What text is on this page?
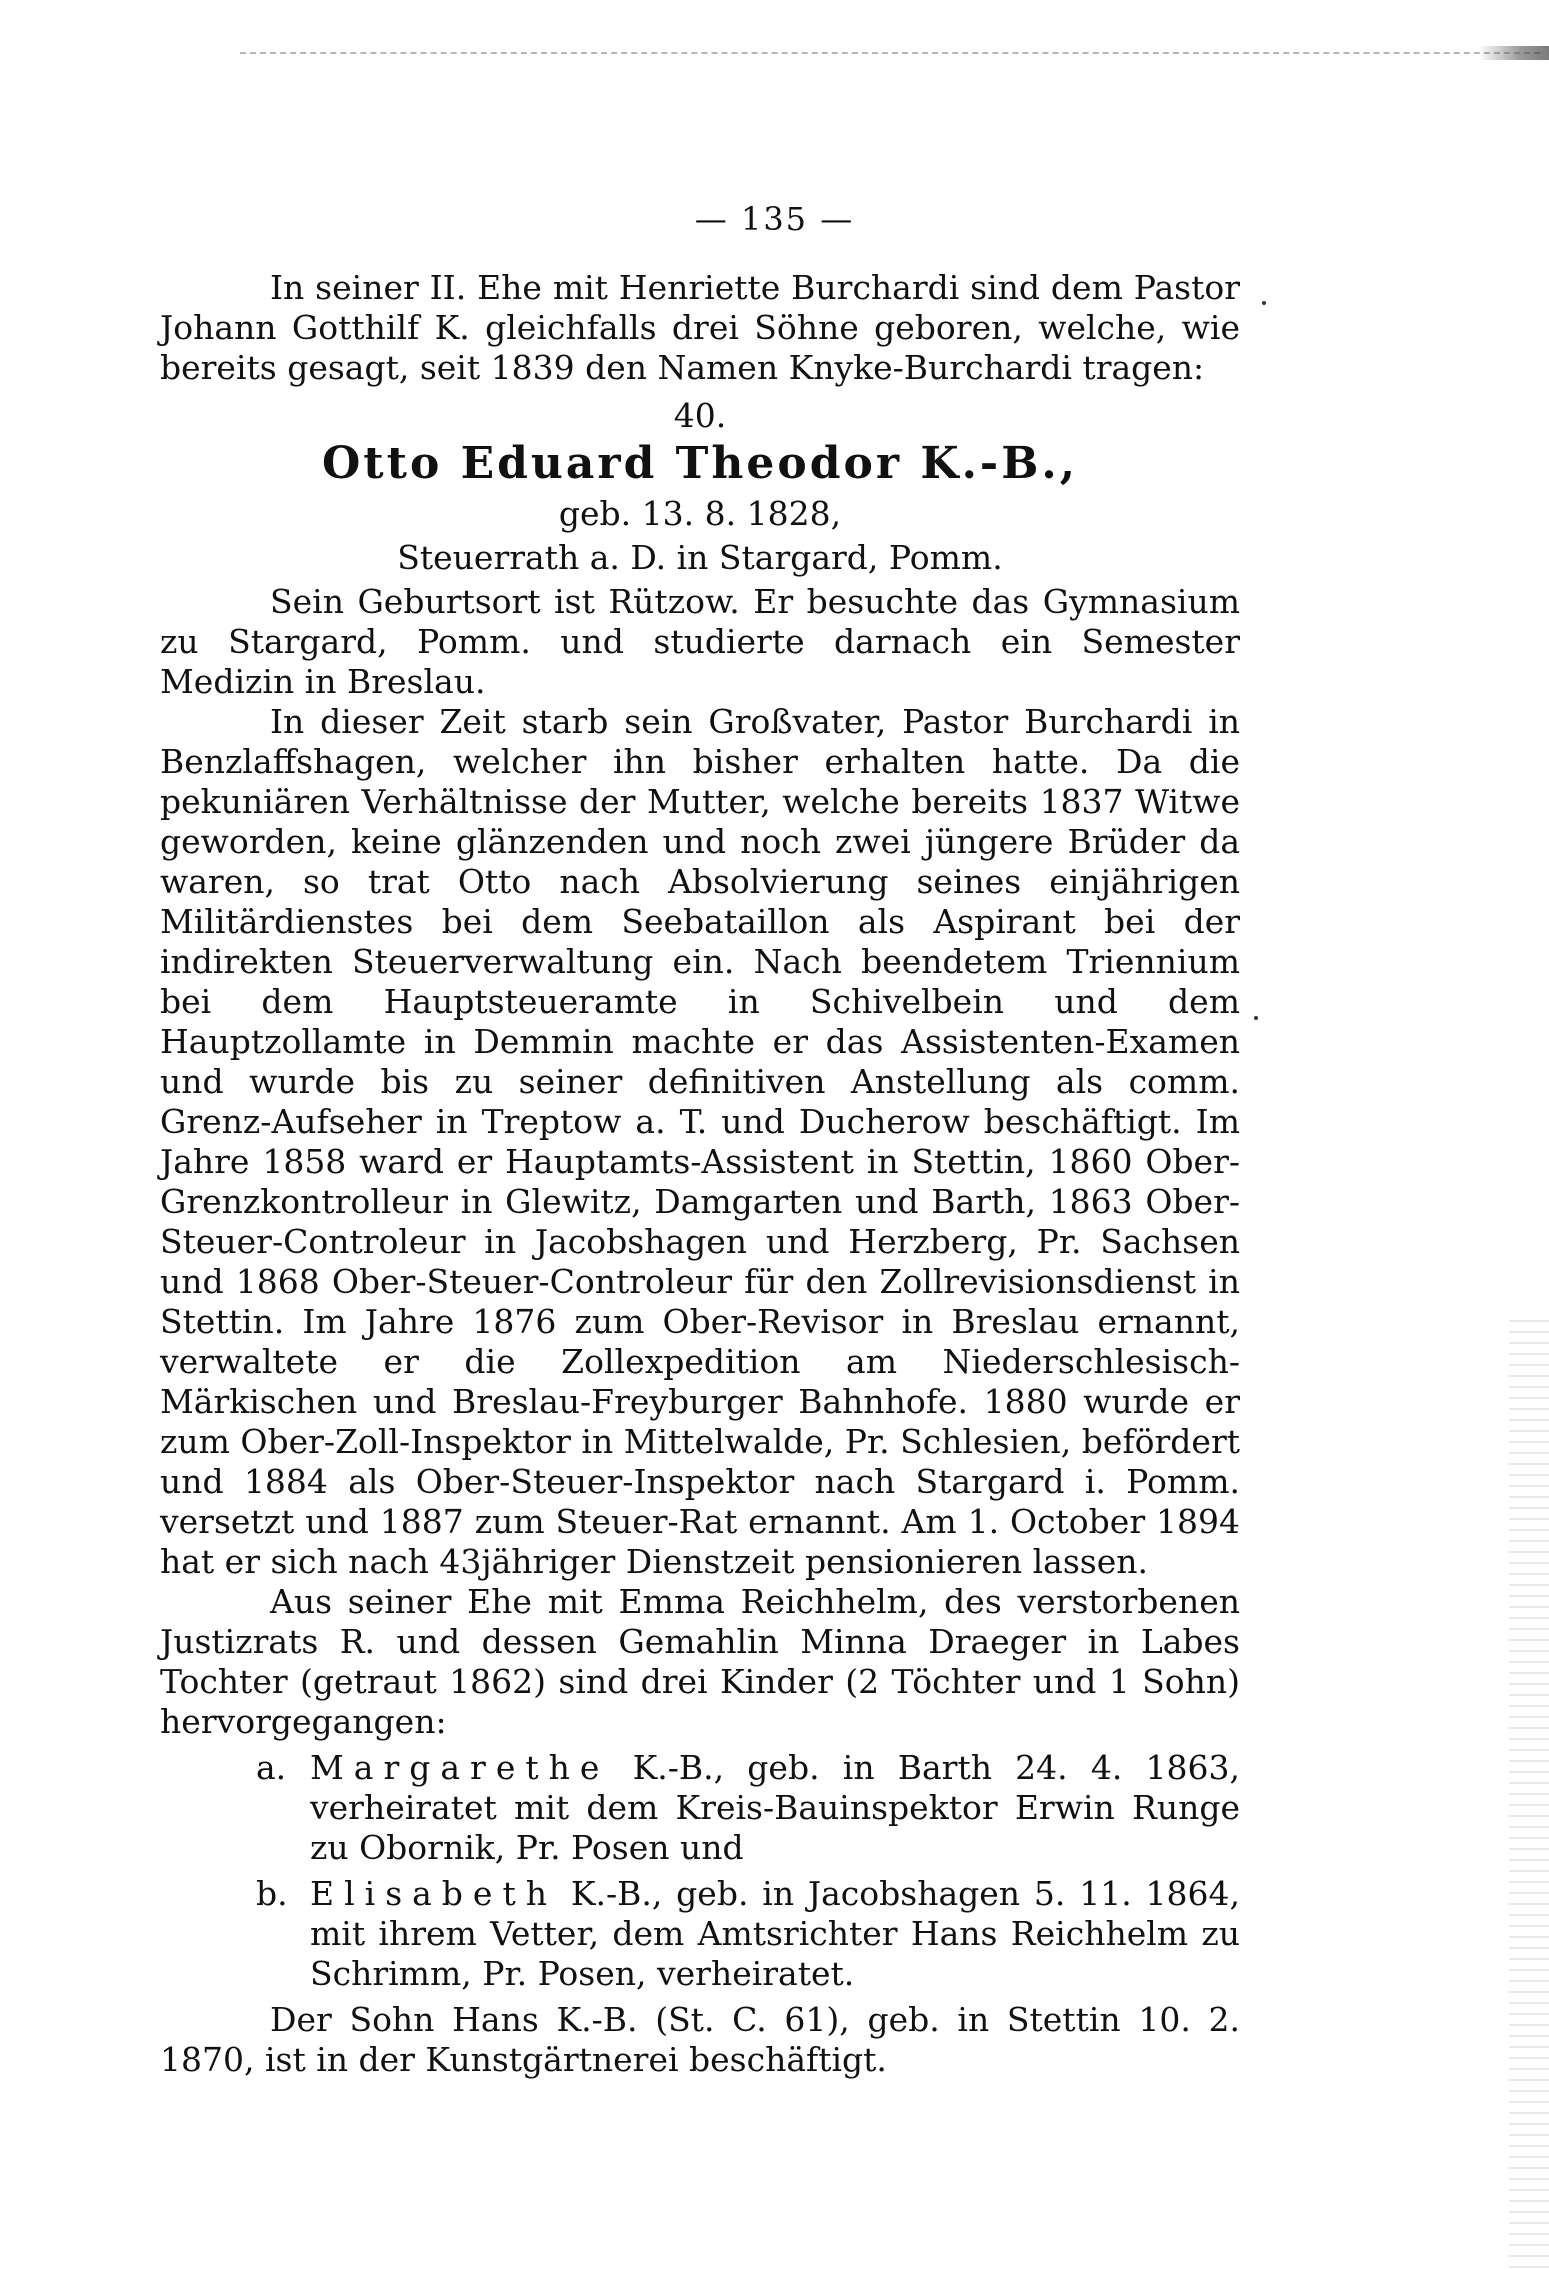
— 135 —

In seiner II. Ehe mit Henriette Burchardi sind dem Pastor Johann Gotthilf K. gleichfalls drei Söhne geboren, welche, wie bereits gesagt, seit 1839 den Namen Knyke-Burchardi tragen:

40.

Otto Eduard Theodor K.-B.,

geb. 13. 8. 1828,

Steuerrath a. D. in Stargard, Pomm.

Sein Geburtsort ist Rützow. Er besuchte das Gymnasium zu Stargard, Pomm. und studierte darnach ein Semester Medizin in Breslau.

In dieser Zeit starb sein Großvater, Pastor Burchardi in Benzlaffshagen, welcher ihn bisher erhalten hatte. Da die pekuniären Verhältnisse der Mutter, welche bereits 1837 Witwe geworden, keine glänzenden und noch zwei jüngere Brüder da waren, so trat Otto nach Absolvierung seines einjährigen Militärdienstes bei dem Seebataillon als Aspirant bei der indirekten Steuerverwaltung ein. Nach beendetem Triennium bei dem Hauptsteueramte in Schivelbein und dem Hauptzollamte in Demmin machte er das Assistenten-Examen und wurde bis zu seiner definitiven Anstellung als comm. Grenz-Aufseher in Treptow a. T. und Ducherow beschäftigt. Im Jahre 1858 ward er Hauptamts-Assistent in Stettin, 1860 Ober-Grenzkontrolleur in Glewitz, Damgarten und Barth, 1863 Ober-Steuer-Controleur in Jacobshagen und Herzberg, Pr. Sachsen und 1868 Ober-Steuer-Controleur für den Zollrevisionsdienst in Stettin. Im Jahre 1876 zum Ober-Revisor in Breslau ernannt, verwaltete er die Zollexpedition am Niederschlesisch-Märkischen und Breslau-Freyburger Bahnhofe. 1880 wurde er zum Ober-Zoll-Inspektor in Mittelwalde, Pr. Schlesien, befördert und 1884 als Ober-Steuer-Inspektor nach Stargard i. Pomm. versetzt und 1887 zum Steuer-Rat ernannt. Am 1. October 1894 hat er sich nach 43jähriger Dienstzeit pensionieren lassen.

Aus seiner Ehe mit Emma Reichhelm, des verstorbenen Justizrats R. und dessen Gemahlin Minna Draeger in Labes Tochter (getraut 1862) sind drei Kinder (2 Töchter und 1 Sohn) hervorgegangen:

a. Margarethe K.-B., geb. in Barth 24. 4. 1863, verheiratet mit dem Kreis-Bauinspektor Erwin Runge zu Obornik, Pr. Posen und
b. Elisabeth K.-B., geb. in Jacobshagen 5. 11. 1864, mit ihrem Vetter, dem Amtsrichter Hans Reichhelm zu Schrimm, Pr. Posen, verheiratet.

Der Sohn Hans K.-B. (St. C. 61), geb. in Stettin 10. 2. 1870, ist in der Kunstgärtnerei beschäftigt.
